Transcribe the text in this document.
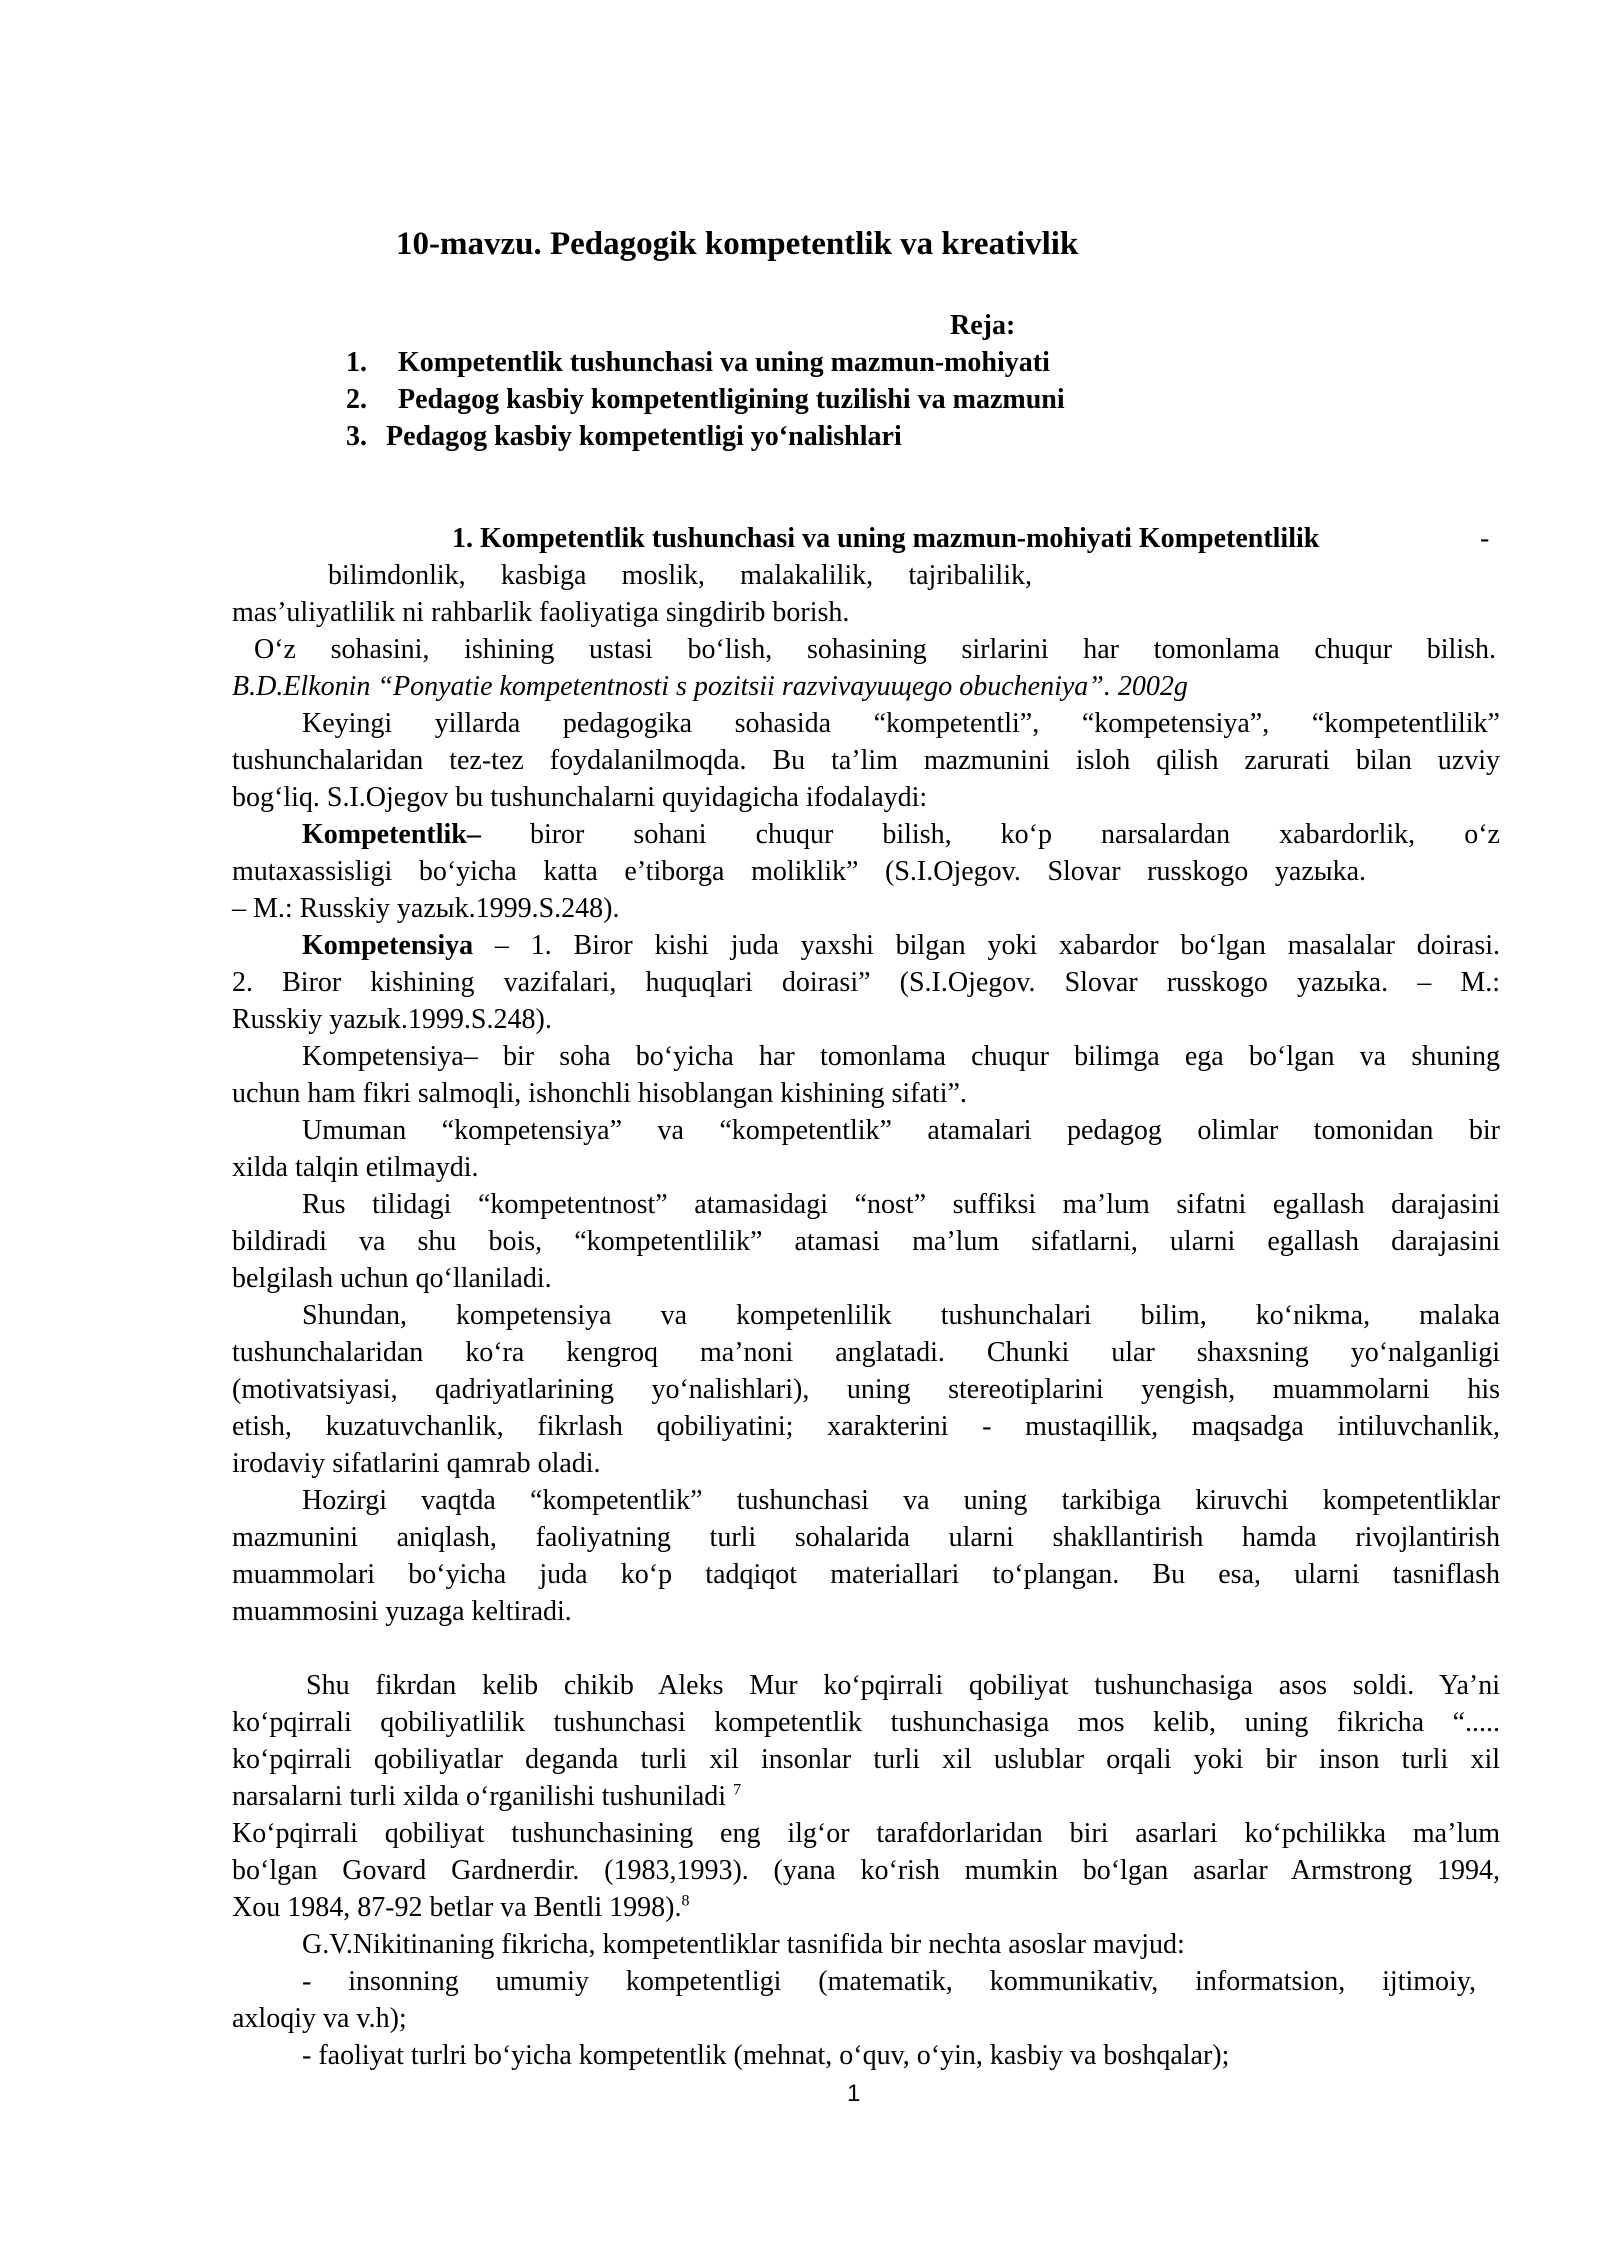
10-mavzu. Pedagogik kompetentlik va kreativlik
Reja:
1. Kompetentlik tushunchasi va uning mazmun-mohiyati
2. Pedagog kasbiy kompetentligining tuzilishi va mazmuni
3. Pedagog kasbiy kompetentligi yo‘nalishlari
1. Kompetentlik tushunchasi va uning mazmun-mohiyati Kompetentlilik	-
bilimdonlik, kasbiga moslik, malakalilik, tajribalilik,
mas’uliyatlilik ni rahbarlik faoliyatiga singdirib borish.
O‘z sohasini, ishining ustasi bo‘lish, sohasining sirlarini har tomonlama chuqur bilish.
B.D.Elkonin “Ponyatie kompetentnosti s pozitsii razvivayuщego obucheniya”. 2002g
Keyingi yillarda pedagogika sohasida “kompetentli”, “kompetensiya”, “kompetentlilik”
tushunchalaridan tez-tez foydalanilmoqda. Bu ta’lim mazmunini isloh qilish zarurati bilan uzviy
bog‘liq. S.I.Ojegov bu tushunchalarni quyidagicha ifodalaydi:
Kompetentlik– biror sohani chuqur bilish, ko‘p narsalardan xabardorlik, o‘z
mutaxassisligi bo‘yicha katta e’tiborga moliklik” (S.I.Ojegov. Slovar russkogo yazыka.
– M.: Russkiy yazыk.1999.S.248).
Kompetensiya – 1. Biror kishi juda yaxshi bilgan yoki xabardor bo‘lgan masalalar doirasi.
2. Biror kishining vazifalari, huquqlari doirasi” (S.I.Ojegov. Slovar russkogo yazыka. – M.:
Russkiy yazыk.1999.S.248).
Kompetensiya– bir soha bo‘yicha har tomonlama chuqur bilimga ega bo‘lgan va shuning
uchun ham fikri salmoqli, ishonchli hisoblangan kishining sifati”.
Umuman “kompetensiya” va “kompetentlik” atamalari pedagog olimlar tomonidan bir
xilda talqin etilmaydi.
Rus tilidagi “kompetentnost” atamasidagi “nost” suffiksi ma’lum sifatni egallash darajasini
bildiradi va shu bois, “kompetentlilik” atamasi ma’lum sifatlarni, ularni egallash darajasini
belgilash uchun qo‘llaniladi.
Shundan, kompetensiya va kompetenlilik tushunchalari bilim, ko‘nikma, malaka
tushunchalaridan ko‘ra kengroq ma’noni anglatadi. Chunki ular shaxsning yo‘nalganligi
(motivatsiyasi, qadriyatlarining yo‘nalishlari), uning stereotiplarini yengish, muammolarni his
etish, kuzatuvchanlik, fikrlash qobiliyatini; xarakterini - mustaqillik, maqsadga intiluvchanlik,
irodaviy sifatlarini qamrab oladi.
Hozirgi vaqtda “kompetentlik” tushunchasi va uning tarkibiga kiruvchi kompetentliklar
mazmunini aniqlash, faoliyatning turli sohalarida ularni shakllantirish hamda rivojlantirish
muammolari bo‘yicha juda ko‘p tadqiqot materiallari to‘plangan. Bu esa, ularni tasniflash
muammosini yuzaga keltiradi.
Shu fikrdan kelib chikib Aleks Mur ko‘pqirrali qobiliyat tushunchasiga asos soldi. Ya’ni
ko‘pqirrali qobiliyatlilik tushunchasi kompetentlik tushunchasiga mos kelib, uning fikricha “.....
ko‘pqirrali qobiliyatlar deganda turli xil insonlar turli xil uslublar orqali yoki bir inson turli xil
narsalarni turli xilda o‘rganilishi tushuniladi $^7$
Ko‘pqirrali qobiliyat tushunchasining eng ilg‘or tarafdorlaridan biri asarlari ko‘pchilikka ma’lum
bo‘lgan Govard Gardnerdir. (1983,1993). (yana ko‘rish mumkin bo‘lgan asarlar Armstrong 1994,
Xou 1984, 87-92 betlar va Bentli 1998).$^8$
G.V.Nikitinaning fikricha, kompetentliklar tasnifida bir nechta asoslar mavjud:
- insonning umumiy kompetentligi (matematik, kommunikativ, informatsion, ijtimoiy,
axloqiy va v.h);
- faoliyat turlri bo‘yicha kompetentlik (mehnat, o‘quv, o‘yin, kasbiy va boshqalar);
1
